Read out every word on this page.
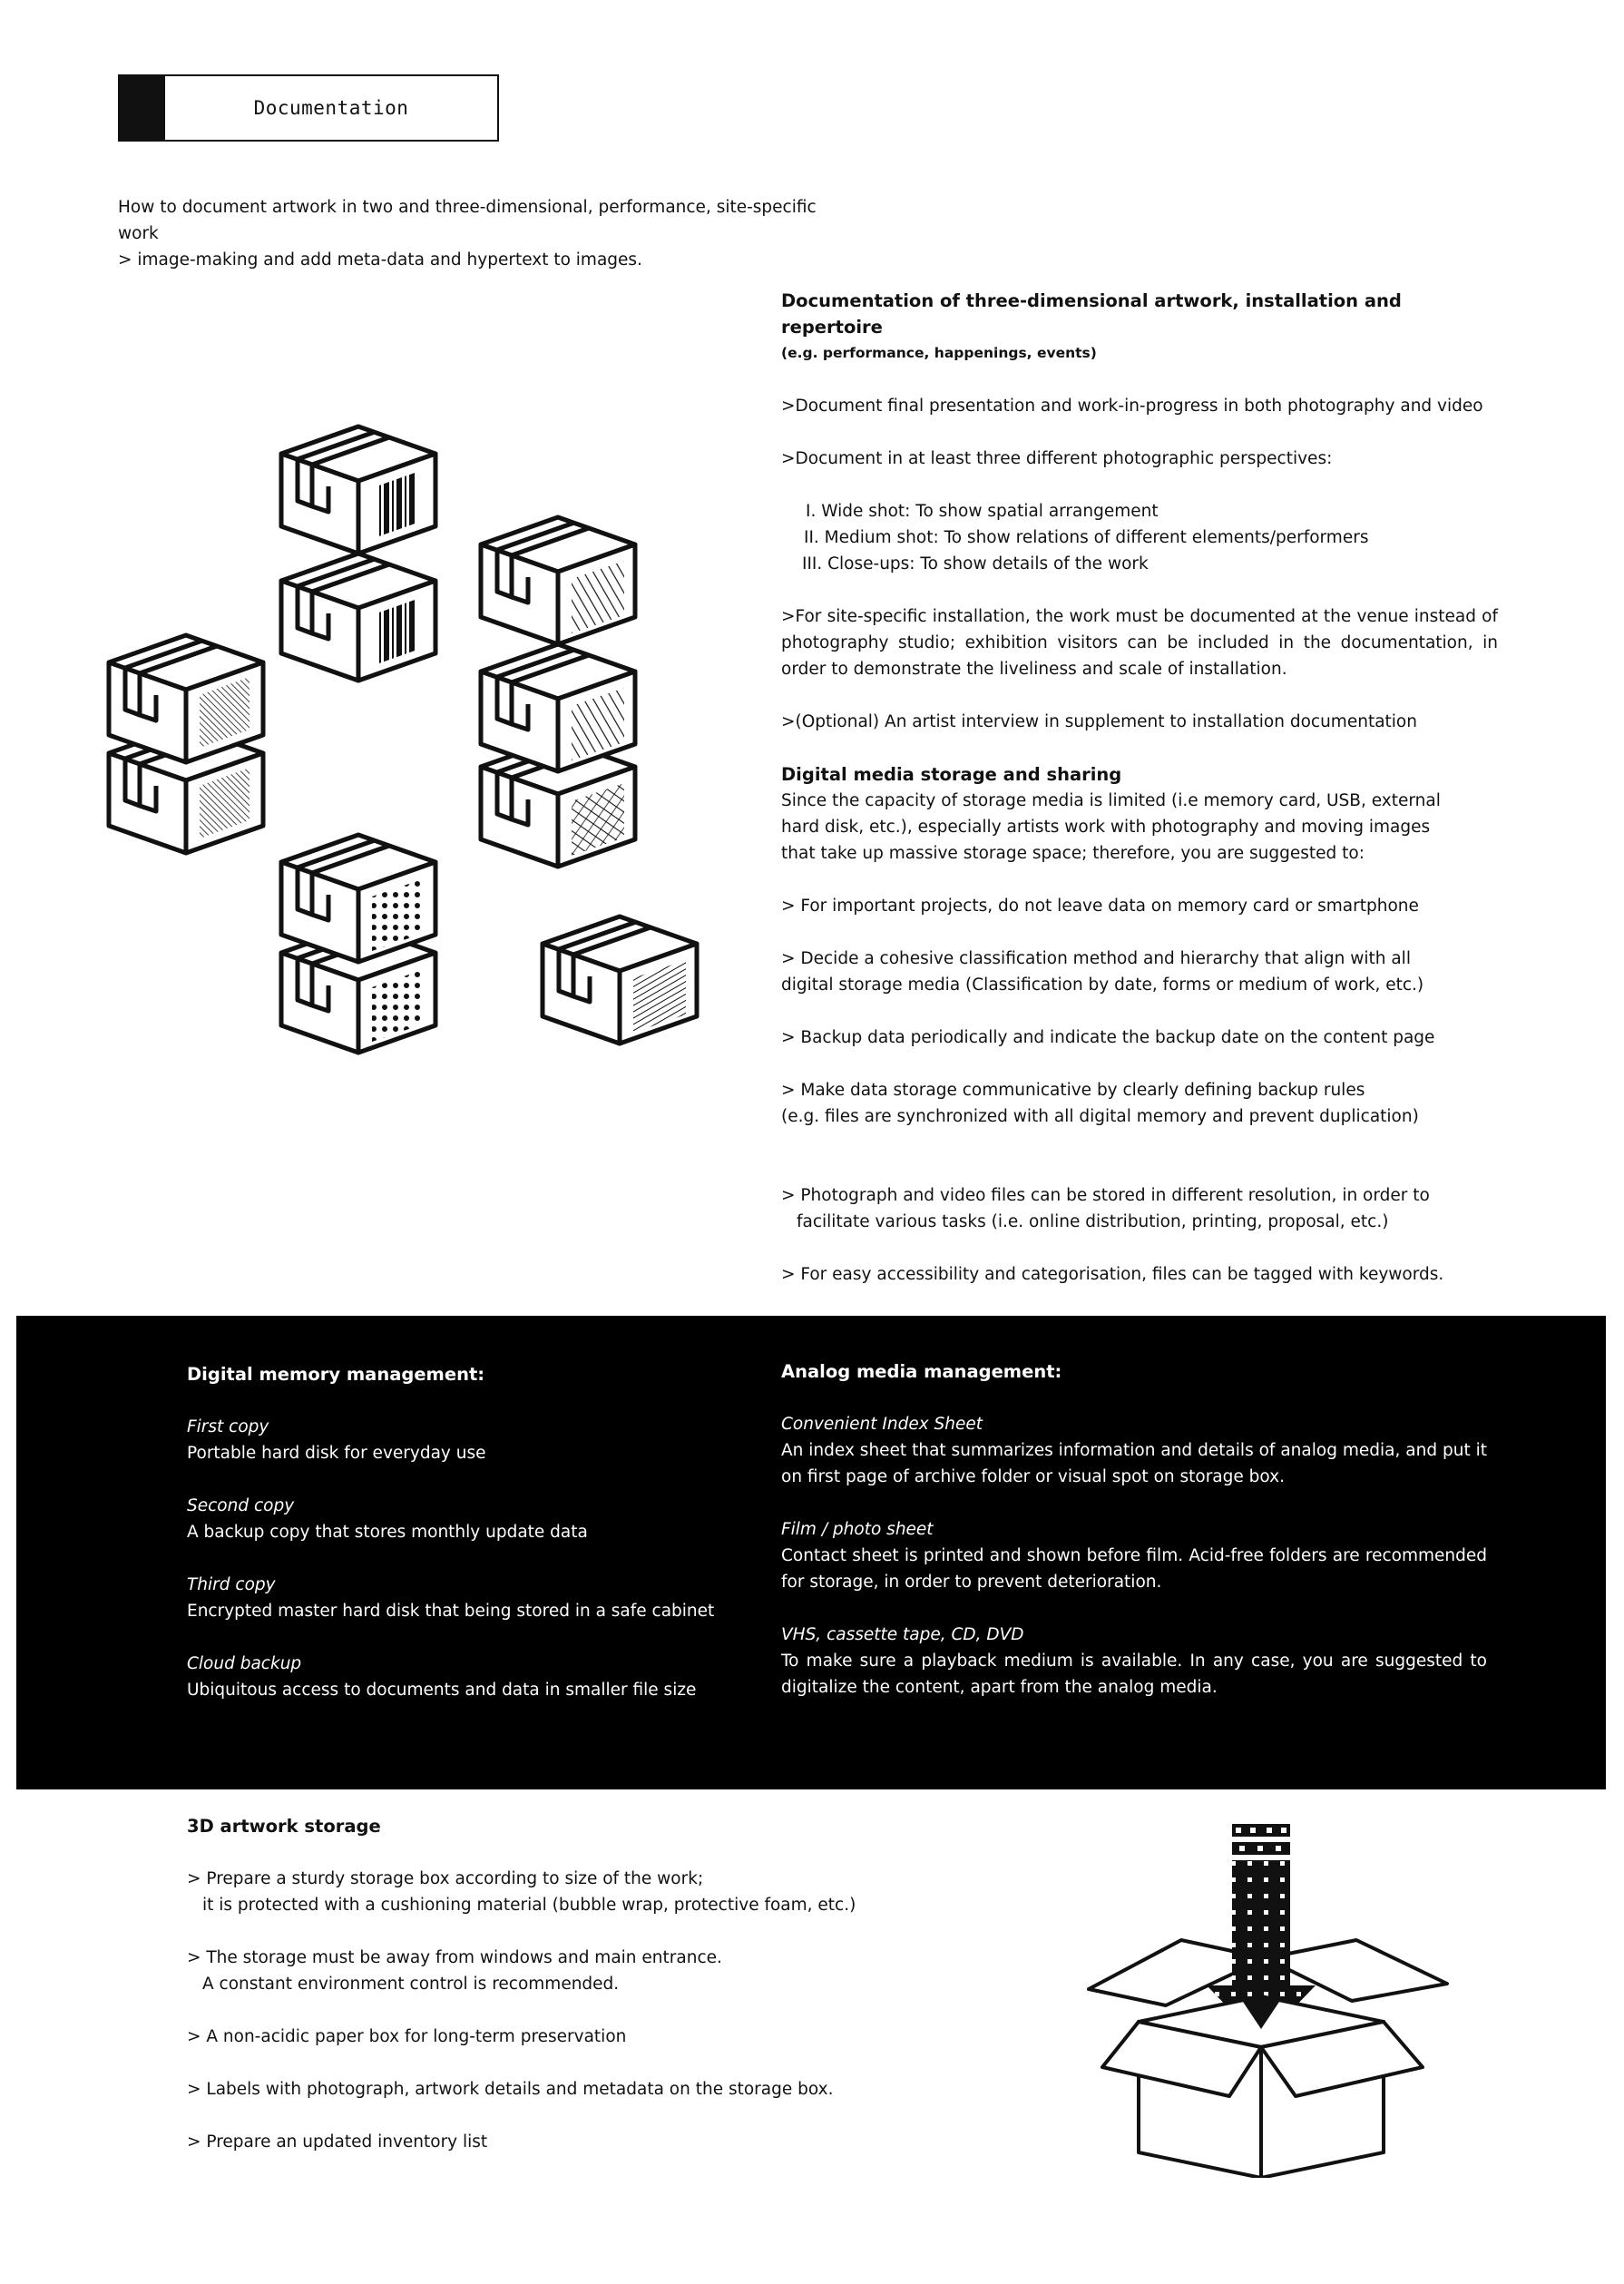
Documentation
How to document artwork in two and three-dimensional, performance, site-specific work
> image-making and add meta-data and hypertext to images.

Documentation of three-dimensional artwork, installation and repertoire

(e.g. performance, happenings, events)

>Document final presentation and work-in-progress in both photography and video

>Document in at least three different photographic perspectives:

I. Wide shot: To show spatial arrangement

II. Medium shot: To show relations of different elements/performers

III. Close-ups: To show details of the work

>For site-specific installation, the work must be documented at the venue instead of photography studio; exhibition visitors can be included in the documentation, in order to demonstrate the liveliness and scale of installation.

>(Optional) An artist interview in supplement to installation documentation

Digital media storage and sharing

Since the capacity of storage media is limited (i.e memory card, USB, external

hard disk, etc.), especially artists work with photography and moving images

that take up massive storage space; therefore, you are suggested to:

> For important projects, do not leave data on memory card or smartphone

> Decide a cohesive classification method and hierarchy that align with all

digital storage media (Classification by date, forms or medium of work, etc.)

> Backup data periodically and indicate the backup date on the content page

> Make data storage communicative by clearly defining backup rules

(e.g. files are synchronized with all digital memory and prevent duplication)

> Photograph and video files can be stored in different resolution, in order to

facilitate various tasks (i.e. online distribution, printing, proposal, etc.)

> For easy accessibility and categorisation, files can be tagged with keywords.

Digital memory management:

First copy

Portable hard disk for everyday use

Second copy

A backup copy that stores monthly update data

Third copy

Encrypted master hard disk that being stored in a safe cabinet

Cloud backup

Ubiquitous access to documents and data in smaller file size

Analog media management:

Convenient Index Sheet

An index sheet that summarizes information and details of analog media, and put it on first page of archive folder or visual spot on storage box.

Film / photo sheet

Contact sheet is printed and shown before film. Acid-free folders are recommended for storage, in order to prevent deterioration.

VHS, cassette tape, CD, DVD

To make sure a playback medium is available. In any case, you are suggested to digitalize the content, apart from the analog media.

3D artwork storage

> Prepare a sturdy storage box according to size of the work;

it is protected with a cushioning material (bubble wrap, protective foam, etc.)

> The storage must be away from windows and main entrance.

A constant environment control is recommended.

> A non-acidic paper box for long-term preservation

> Labels with photograph, artwork details and metadata on the storage box.

> Prepare an updated inventory list
